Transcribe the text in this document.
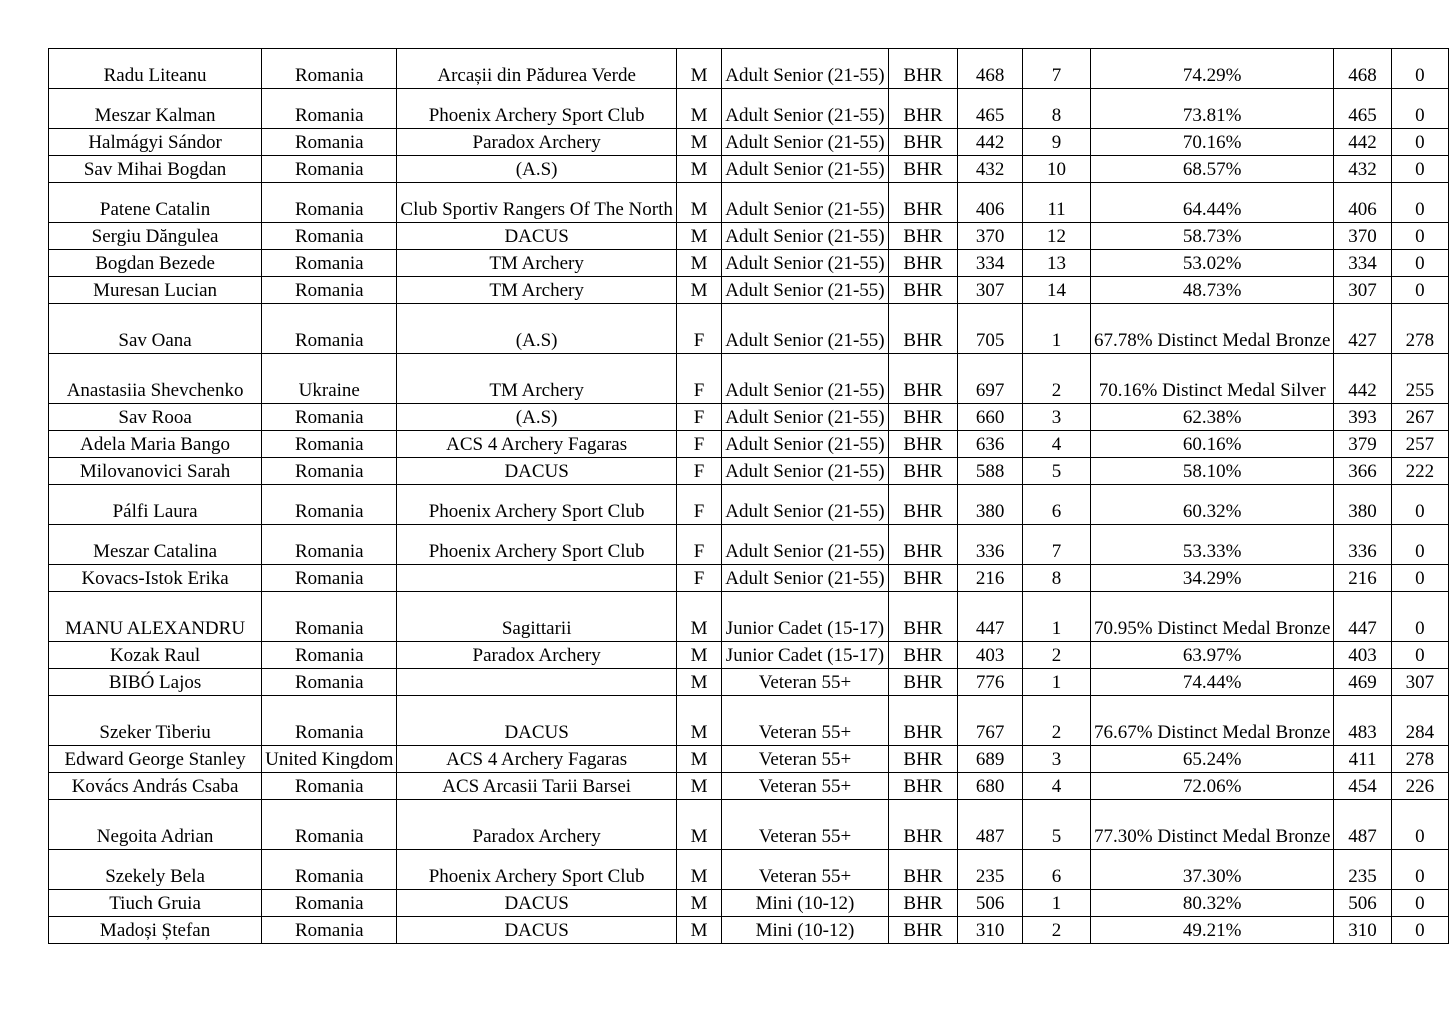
Radu Liteanu	Romania	Arcașii din Pădurea Verde	M	Adult Senior (21-55)	BHR	468	7	74.29%	468	0
Meszar Kalman	Romania	Phoenix Archery Sport Club	M	Adult Senior (21-55)	BHR	465	8	73.81%	465	0
Halmágyi Sándor	Romania	Paradox Archery	M	Adult Senior (21-55)	BHR	442	9	70.16%	442	0
Sav Mihai Bogdan	Romania	(A.S)	M	Adult Senior (21-55)	BHR	432	10	68.57%	432	0
Patene Catalin	Romania	Club Sportiv Rangers Of The North	M	Adult Senior (21-55)	BHR	406	11	64.44%	406	0
Sergiu Dăngulea	Romania	DACUS	M	Adult Senior (21-55)	BHR	370	12	58.73%	370	0
Bogdan Bezede	Romania	TM Archery	M	Adult Senior (21-55)	BHR	334	13	53.02%	334	0
Muresan Lucian	Romania	TM Archery	M	Adult Senior (21-55)	BHR	307	14	48.73%	307	0
Sav Oana	Romania	(A.S)	F	Adult Senior (21-55)	BHR	705	1	67.78% Distinct Medal Bronze	427	278
Anastasiia Shevchenko	Ukraine	TM Archery	F	Adult Senior (21-55)	BHR	697	2	70.16% Distinct Medal Silver	442	255
Sav Rooa	Romania	(A.S)	F	Adult Senior (21-55)	BHR	660	3	62.38%	393	267
Adela Maria Bango	Romania	ACS 4 Archery Fagaras	F	Adult Senior (21-55)	BHR	636	4	60.16%	379	257
Milovanovici Sarah	Romania	DACUS	F	Adult Senior (21-55)	BHR	588	5	58.10%	366	222
Pálfi Laura	Romania	Phoenix Archery Sport Club	F	Adult Senior (21-55)	BHR	380	6	60.32%	380	0
Meszar Catalina	Romania	Phoenix Archery Sport Club	F	Adult Senior (21-55)	BHR	336	7	53.33%	336	0
Kovacs-Istok Erika	Romania		F	Adult Senior (21-55)	BHR	216	8	34.29%	216	0
MANU ALEXANDRU	Romania	Sagittarii	M	Junior Cadet (15-17)	BHR	447	1	70.95% Distinct Medal Bronze	447	0
Kozak Raul	Romania	Paradox Archery	M	Junior Cadet (15-17)	BHR	403	2	63.97%	403	0
BIBÓ Lajos	Romania		M	Veteran 55+	BHR	776	1	74.44%	469	307
Szeker Tiberiu	Romania	DACUS	M	Veteran 55+	BHR	767	2	76.67% Distinct Medal Bronze	483	284
Edward George Stanley	United Kingdom	ACS 4 Archery Fagaras	M	Veteran 55+	BHR	689	3	65.24%	411	278
Kovács András Csaba	Romania	ACS Arcasii Tarii Barsei	M	Veteran 55+	BHR	680	4	72.06%	454	226
Negoita Adrian	Romania	Paradox Archery	M	Veteran 55+	BHR	487	5	77.30% Distinct Medal Bronze	487	0
Szekely Bela	Romania	Phoenix Archery Sport Club	M	Veteran 55+	BHR	235	6	37.30%	235	0
Tiuch Gruia	Romania	DACUS	M	Mini (10-12)	BHR	506	1	80.32%	506	0
Madoși Ștefan	Romania	DACUS	M	Mini (10-12)	BHR	310	2	49.21%	310	0
